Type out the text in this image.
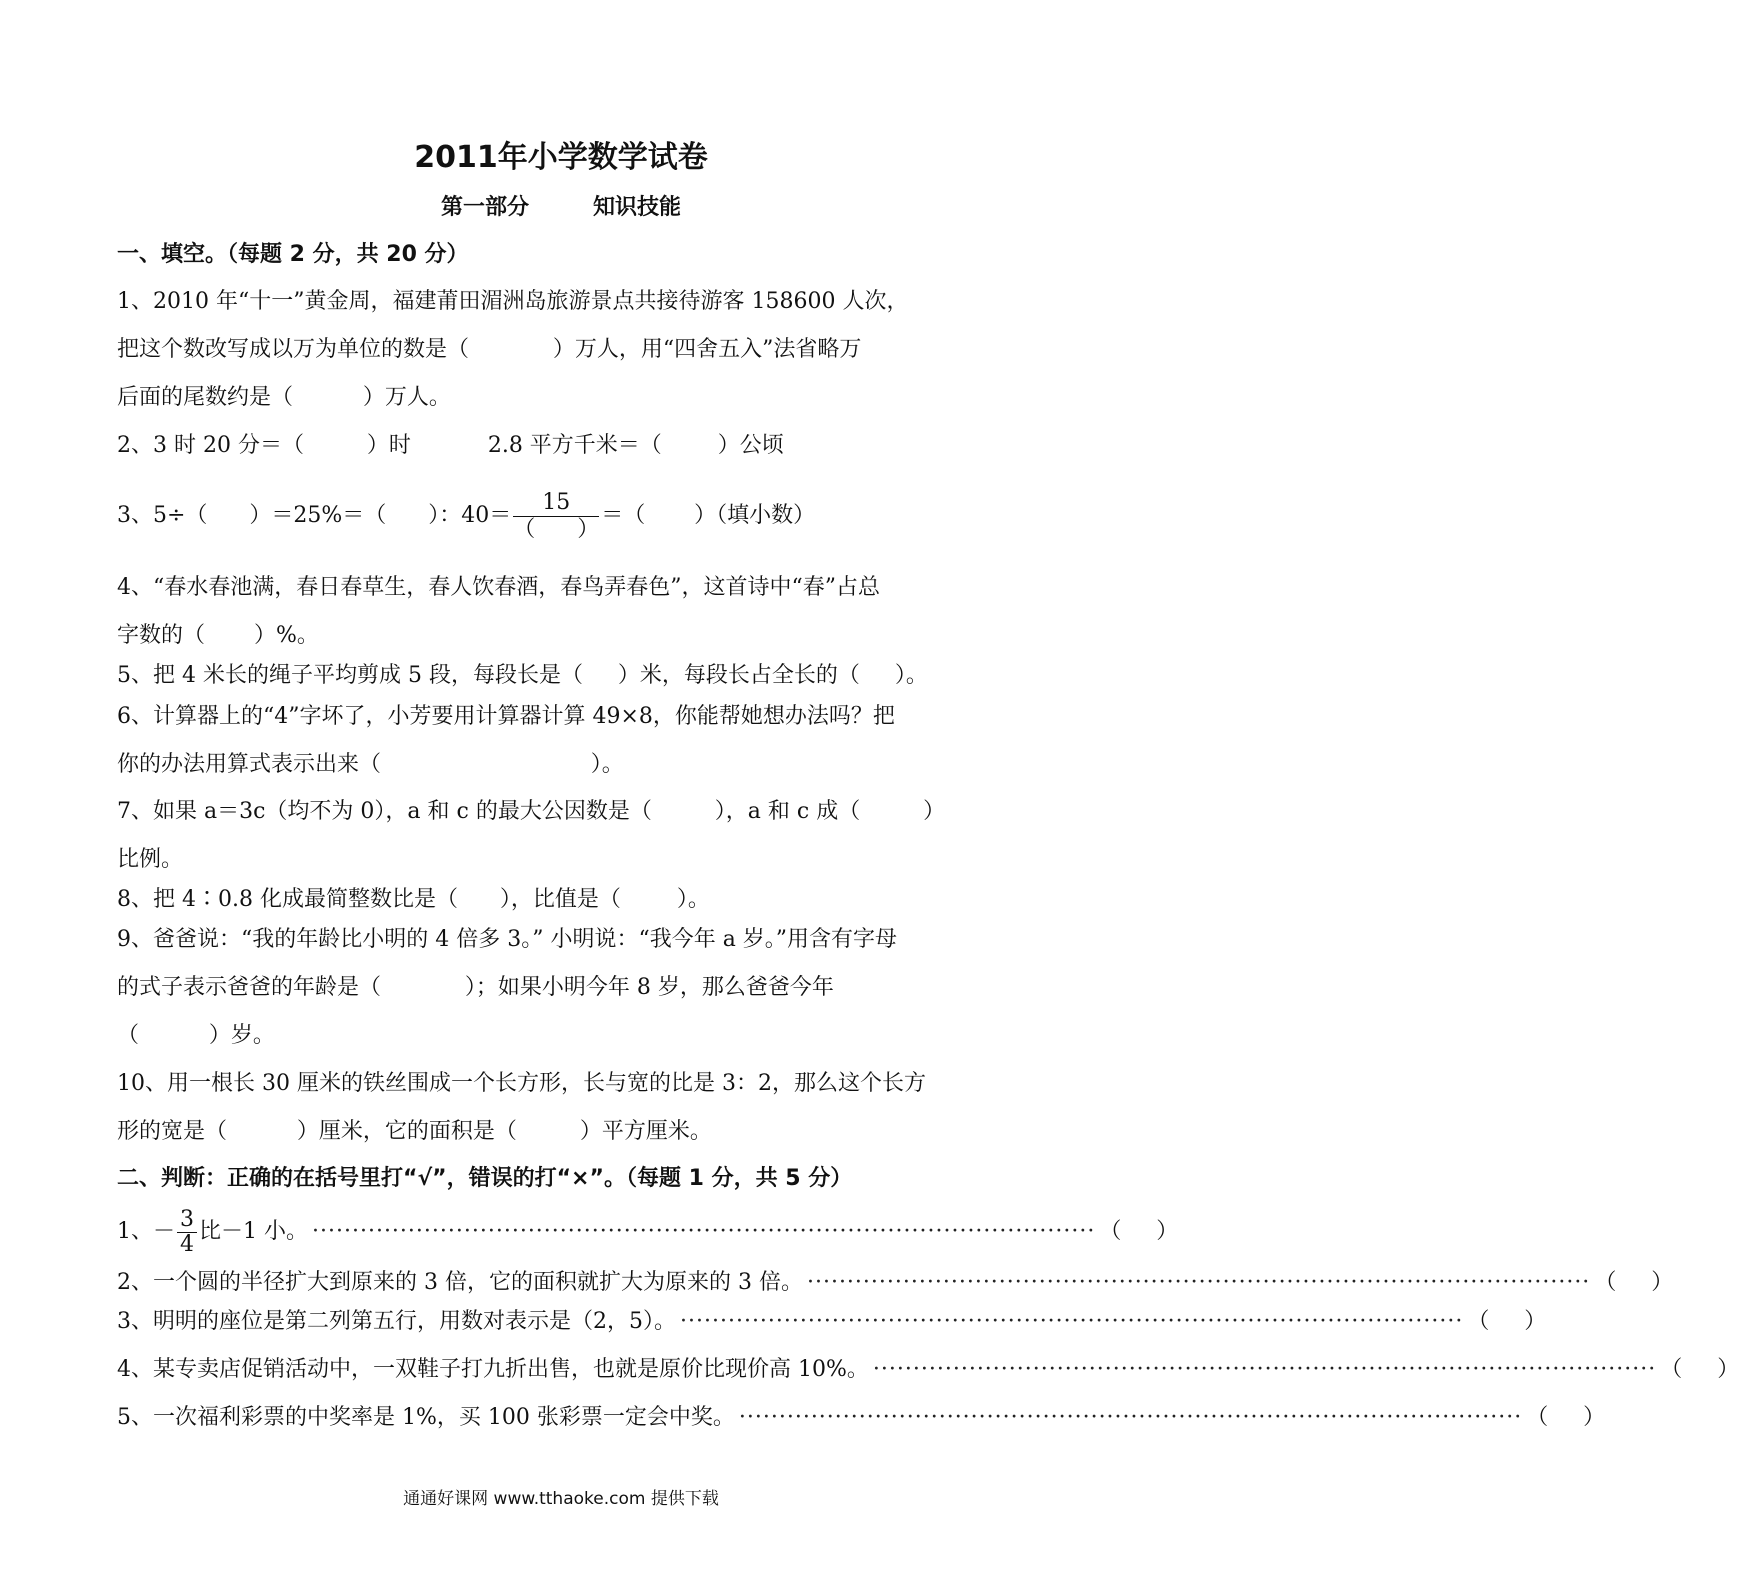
2011年小学数学试卷
第一部分	知识技能
一、填空。（每题 2 分，共 20 分）
1、2010 年“十一”黄金周，福建莆田湄洲岛旅游景点共接待游客 158600 人次，
把这个数改写成以万为单位的数是（            ）万人，用“四舍五入”法省略万
后面的尾数约是（          ）万人。
2、3 时 20 分＝（         ）时           2.8 平方千米＝（        ）公顷
3、5÷（      ）＝25%＝（      ）：$40= \frac{15}{( )}$ ＝（       ）（填小数）
4、“春水春池满，春日春草生，春人饮春酒，春鸟弄春色”，这首诗中“春”占总
字数的（       ）%。
5、把 4 米长的绳子平均剪成 5 段，每段长是（     ）米，每段长占全长的（     ）。
6、计算器上的“4”字坏了，小芳要用计算器计算 49×8，你能帮她想办法吗？把
你的办法用算式表示出来（                              ）。
7、如果 a＝3c（均不为 0），a 和 c 的最大公因数是（         ），a 和 c 成（         ）
比例。
8、把 4∶0.8 化成最简整数比是（      ），比值是（        ）。
9、爸爸说：“我的年龄比小明的 4 倍多 3。” 小明说：“我今年 a 岁。”用含有字母
的式子表示爸爸的年龄是（            ）；如果小明今年 8 岁，那么爸爸今年
（          ）岁。
10、用一根长 30 厘米的铁丝围成一个长方形，长与宽的比是 3：2，那么这个长方
形的宽是（          ）厘米，它的面积是（         ）平方厘米。
二、判断：正确的在括号里打“√”，错误的打“×”。（每题 1 分，共 5 分）
1、－ $\frac{3}{4}$ 比－1 小。 ·································································································· （     ）
2、一个圆的半径扩大到原来的 3 倍，它的面积就扩大为原来的 3 倍。 ·································································································· （     ）
3、明明的座位是第二列第五行，用数对表示是（2，5）。 ·································································································· （     ）
4、某专卖店促销活动中，一双鞋子打九折出售，也就是原价比现价高 10%。 ·································································································· （     ）
5、一次福利彩票的中奖率是 1%，买 100 张彩票一定会中奖。 ·································································································· （     ）
通通好课网 www.tthaoke.com 提供下载
